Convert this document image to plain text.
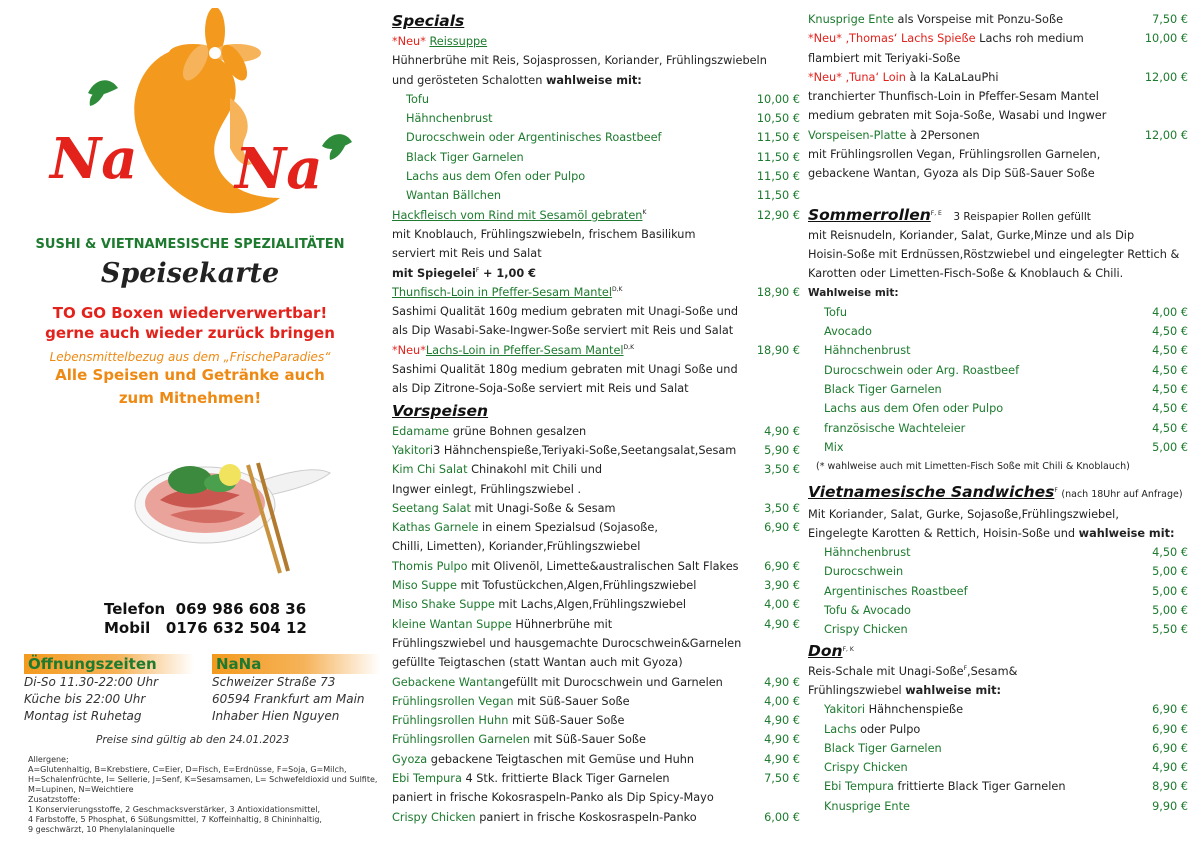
Na Na
SUSHI & VIETNAMESISCHE SPEZIALITÄTEN
Speisekarte
TO GO Boxen wiederverwertbar!
gerne auch wieder zurück bringen
Lebensmittelbezug aus dem „FrischeParadies“
Alle Speisen und Getränke auch
zum Mitnehmen!
Telefon  069 986 608 36
Mobil   0176 632 504 12
Öffnungszeiten
Di-So 11.30-22:00 Uhr
Küche bis 22:00 Uhr
Montag ist Ruhetag
NaNa
Schweizer Straße 73
60594 Frankfurt am Main
Inhaber Hien Nguyen
Preise sind gültig ab den 24.01.2023
Allergene;
A=Glutenhaltig, B=Krebstiere, C=Eier, D=Fisch, E=Erdnüsse, F=Soja, G=Milch,
H=Schalenfrüchte, I= Sellerie, J=Senf, K=Sesamsamen, L= Schwefeldioxid und Sulfite,
M=Lupinen, N=Weichtiere
Zusatzstoffe:
1 Konservierungsstoffe, 2 Geschmacksverstärker, 3 Antioxidationsmittel,
4 Farbstoffe, 5 Phosphat, 6 Süßungsmittel, 7 Koffeinhaltig, 8 Chininhaltig,
9 geschwärzt, 10 Phenylalaninquelle
Specials
*Neu* Reissuppe
Hühnerbrühe mit Reis, Sojasprossen, Koriander, Frühlingszwiebeln
und gerösteten Schalotten wahlweise mit:
Tofu	10,00 €
Hähnchenbrust	10,50 €
Durocschwein oder Argentinisches Roastbeef	11,50 €
Black Tiger Garnelen	11,50 €
Lachs aus dem Ofen oder Pulpo	11,50 €
Wantan Bällchen	11,50 €
Hackfleisch vom Rind mit Sesamöl gebraten$^K$	12,90 €
mit Knoblauch, Frühlingszwiebeln, frischem Basilikum
serviert mit Reis und Salat
mit Spiegelei$^F$ + 1,00 €
Thunfisch-Loin in Pfeffer-Sesam Mantel$^{D,K}$	18,90 €
Sashimi Qualität 160g medium gebraten mit Unagi-Soße und
als Dip Wasabi-Sake-Ingwer-Soße serviert mit Reis und Salat
*Neu*Lachs-Loin in Pfeffer-Sesam Mantel$^{D,K}$	18,90 €
Sashimi Qualität 180g medium gebraten mit Unagi Soße und
als Dip Zitrone-Soja-Soße serviert mit Reis und Salat
Vorspeisen
Edamame grüne Bohnen gesalzen	4,90 €
Yakitori3 Hähnchenspieße,Teriyaki-Soße,Seetangsalat,Sesam 5,90 €
Kim Chi Salat Chinakohl mit Chili und	3,50 €
Ingwer einlegt, Frühlingszwiebel .
Seetang Salat mit Unagi-Soße & Sesam	3,50 €
Kathas Garnele in einem Spezialsud (Sojasoße,	6,90 €
Chilli, Limetten), Koriander,Frühlingszwiebel
Thomis Pulpo mit Olivenöl, Limette&australischen Salt Flakes 6,90 €
Miso Suppe mit Tofustückchen,Algen,Frühlingszwiebel	3,90 €
Miso Shake Suppe mit Lachs,Algen,Frühlingszwiebel	4,00 €
kleine Wantan Suppe Hühnerbrühe mit	4,90 €
Frühlingszwiebel und hausgemachte Durocschwein&Garnelen
gefüllte Teigtaschen (statt Wantan auch mit Gyoza)
Gebackene Wantangefüllt mit Durocschwein und Garnelen	4,90 €
Frühlingsrollen Vegan mit Süß-Sauer Soße	4,00 €
Frühlingsrollen Huhn mit Süß-Sauer Soße	4,90 €
Frühlingsrollen Garnelen mit Süß-Sauer Soße	4,90 €
Gyoza gebackene Teigtaschen mit Gemüse und Huhn	4,90 €
Ebi Tempura 4 Stk. frittierte Black Tiger Garnelen	7,50 €
paniert in frische Kokosraspeln-Panko als Dip Spicy-Mayo
Crispy Chicken paniert in frische Koskosraspeln-Panko	6,00 €
Knusprige Ente als Vorspeise mit Ponzu-Soße	7,50 €
*Neu* ‚Thomas‘ Lachs Spieße Lachs roh medium	10,00 €
flambiert mit Teriyaki-Soße
*Neu* ‚Tuna‘ Loin à la KaLaLauPhi	12,00 €
tranchierter Thunfisch-Loin in Pfeffer-Sesam Mantel
medium gebraten mit Soja-Soße, Wasabi und Ingwer
Vorspeisen-Platte à 2Personen	12,00 €
mit Frühlingsrollen Vegan, Frühlingsrollen Garnelen,
gebackene Wantan, Gyoza als Dip Süß-Sauer Soße
Sommerrollen$^{F, E}$ 3 Reispapier Rollen gefüllt
mit Reisnudeln, Koriander, Salat, Gurke,Minze und als Dip
Hoisin-Soße mit Erdnüssen,Röstzwiebel und eingelegter Rettich &
Karotten oder Limetten-Fisch-Soße & Knoblauch & Chili.
Wahlweise mit:
Tofu	4,00 €
Avocado	4,50 €
Hähnchenbrust	4,50 €
Durocschwein oder Arg. Roastbeef	4,50 €
Black Tiger Garnelen	4,50 €
Lachs aus dem Ofen oder Pulpo	4,50 €
französische Wachteleier	4,50 €
Mix	5,00 €
(* wahlweise auch mit Limetten-Fisch Soße mit Chili & Knoblauch)
Vietnamesische Sandwiches$^F$ (nach 18Uhr auf Anfrage)
Mit Koriander, Salat, Gurke, Sojasoße,Frühlingszwiebel,
Eingelegte Karotten & Rettich, Hoisin-Soße und wahlweise mit:
Hähnchenbrust	4,50 €
Durocschwein	5,00 €
Argentinisches Roastbeef	5,00 €
Tofu & Avocado	5,00 €
Crispy Chicken	5,50 €
Don$^{F, K}$
Reis-Schale mit Unagi-Soße$^F$,Sesam&
Frühlingszwiebel wahlweise mit:
Yakitori Hähnchenspieße	6,90 €
Lachs oder Pulpo	6,90 €
Black Tiger Garnelen	6,90 €
Crispy Chicken	4,90 €
Ebi Tempura frittierte Black Tiger Garnelen	8,90 €
Knusprige Ente	9,90 €
